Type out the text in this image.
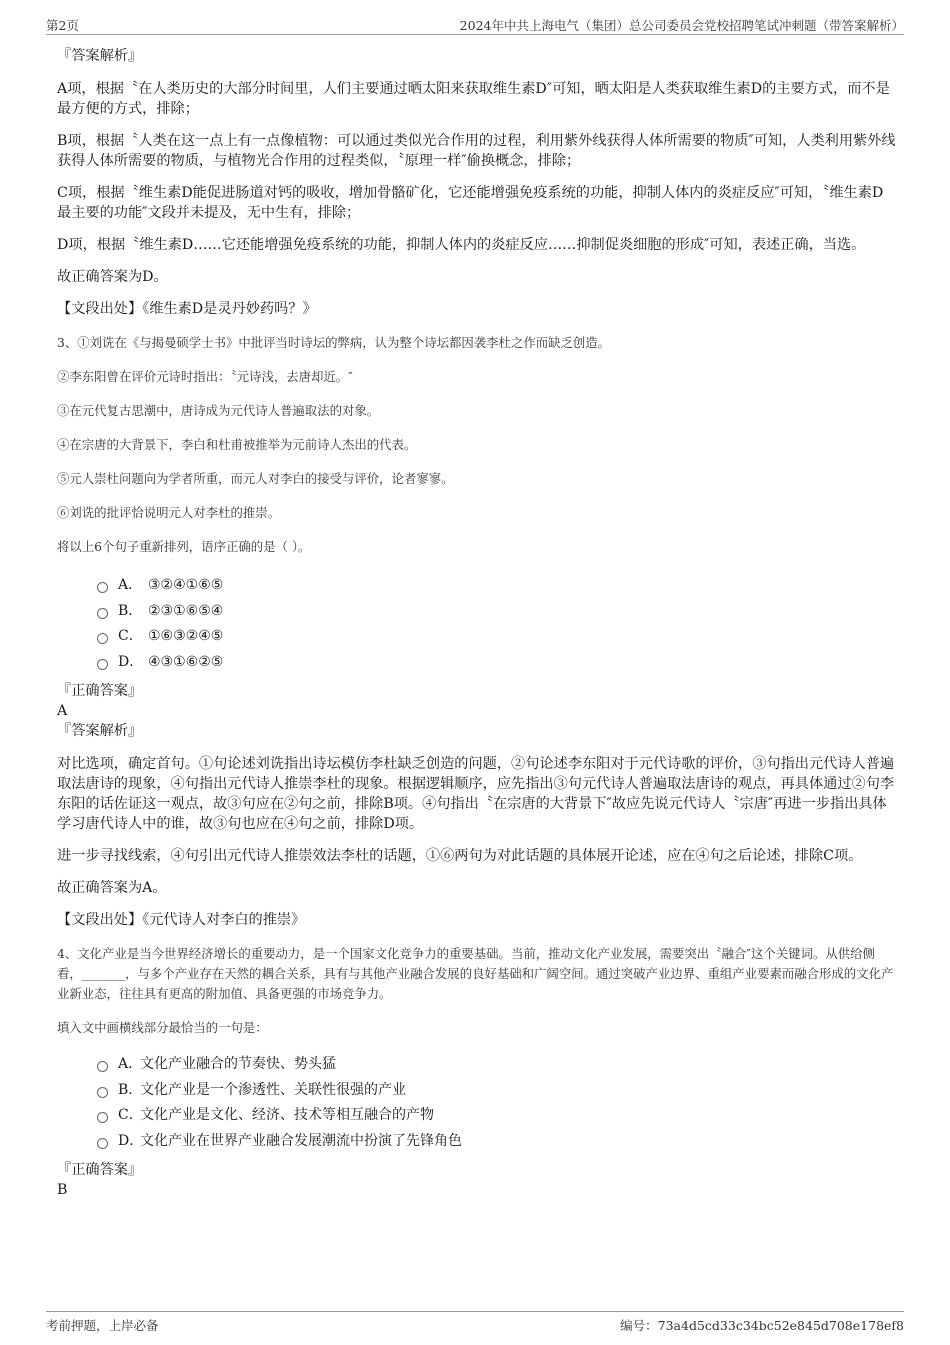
第2页	2024年中共上海电气（集团）总公司委员会党校招聘笔试冲刺题（带答案解析）

『答案解析』

A项，根据〝在人类历史的大部分时间里，人们主要通过晒太阳来获取维生素D″可知，晒太阳是人类获取维生素D的主要方式，而不是最方便的方式，排除；

B项，根据〝人类在这一点上有一点像植物：可以通过类似光合作用的过程，利用紫外线获得人体所需要的物质″可知，人类利用紫外线获得人体所需要的物质，与植物光合作用的过程类似，〝原理一样″偷换概念，排除；

C项，根据〝维生素D能促进肠道对钙的吸收，增加骨骼矿化，它还能增强免疫系统的功能，抑制人体内的炎症反应″可知，〝维生素D最主要的功能″文段并未提及，无中生有，排除；

D项，根据〝维生素D……它还能增强免疫系统的功能，抑制人体内的炎症反应……抑制促炎细胞的形成″可知，表述正确，当选。

故正确答案为D。

【文段出处】《维生素D是灵丹妙药吗？》

3、①刘诜在《与揭曼硕学士书》中批评当时诗坛的弊病，认为整个诗坛都因袭李杜之作而缺乏创造。

②李东阳曾在评价元诗时指出：〝元诗浅，去唐却近。″

③在元代复古思潮中，唐诗成为元代诗人普遍取法的对象。

④在宗唐的大背景下，李白和杜甫被推举为元前诗人杰出的代表。

⑤元人崇杜问题向为学者所重，而元人对李白的接受与评价，论者寥寥。

⑥刘诜的批评恰说明元人对李杜的推崇。

将以上6个句子重新排列，语序正确的是（ ）。

A． ③②④①⑥⑤
B． ②③①⑥⑤④
C． ①⑥③②④⑤
D． ④③①⑥②⑤

『正确答案』

A

『答案解析』

对比选项，确定首句。①句论述刘诜指出诗坛模仿李杜缺乏创造的问题，②句论述李东阳对于元代诗歌的评价，③句指出元代诗人普遍取法唐诗的现象，④句指出元代诗人推崇李杜的现象。根据逻辑顺序，应先指出③句元代诗人普遍取法唐诗的观点，再具体通过②句李东阳的话佐证这一观点，故③句应在②句之前，排除B项。④句指出〝在宗唐的大背景下″故应先说元代诗人〝宗唐″再进一步指出具体学习唐代诗人中的谁，故③句也应在④句之前，排除D项。

进一步寻找线索，④句引出元代诗人推崇效法李杜的话题，①⑥两句为对此话题的具体展开论述，应在④句之后论述，排除C项。

故正确答案为A。

【文段出处】《元代诗人对李白的推崇》

4、文化产业是当今世界经济增长的重要动力，是一个国家文化竞争力的重要基础。当前，推动文化产业发展，需要突出〝融合″这个关键词。从供给侧看，_______，与多个产业存在天然的耦合关系，具有与其他产业融合发展的良好基础和广阔空间。通过突破产业边界、重组产业要素而融合形成的文化产业新业态，往往具有更高的附加值、具备更强的市场竞争力。

填入文中画横线部分最恰当的一句是：

A．
文化产业融合的节奏快、势头猛
B．
文化产业是一个渗透性、关联性很强的产业
C．
文化产业是文化、经济、技术等相互融合的产物
D．
文化产业在世界产业融合发展潮流中扮演了先锋角色

『正确答案』

B

考前押题，上岸必备	编号：73a4d5cd33c34bc52e845d708e178ef8
